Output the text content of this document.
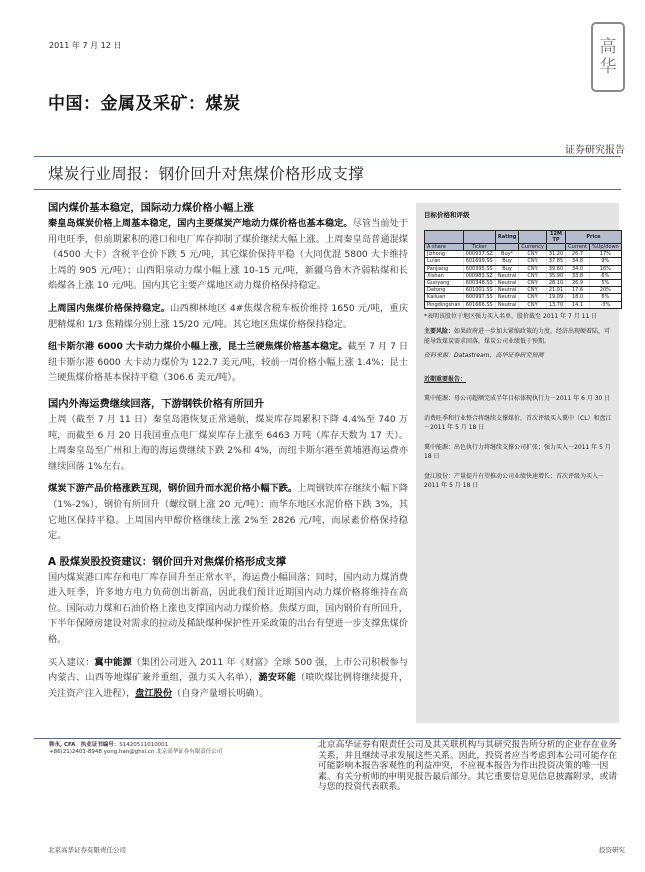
2011 年 7 月 12 日	高
华
中国：金属及采矿：煤炭
证券研究报告
煤炭行业周报：钢价回升对焦煤价格形成支撑
国内煤价基本稳定，国际动力煤价格小幅上涨

秦皇岛煤炭价格上周基本稳定，国内主要煤炭产地动力煤价格也基本稳定。尽管当前处于用电旺季，但前期累积的港口和电厂库存抑制了煤价继续大幅上涨。上周秦皇岛普通混煤（4500 大卡）含税平仓价下跌 5 元/吨，其它煤价保持平稳（大同优混 5800 大卡维持上周的 905 元/吨）；山西阳泉动力煤小幅上涨 10-15 元/吨，新疆乌鲁木齐弱粘煤和长焰煤各上涨 10 元/吨。国内其它主要产煤地区动力煤价格保持稳定。

上周国内焦煤价格保持稳定。山西柳林地区 4#焦煤含税车板价维持 1650 元/吨，重庆肥精煤和 1/3 焦精煤分别上涨 15/20 元/吨。其它地区焦煤价格保持稳定。

纽卡斯尔港 6000 大卡动力煤价小幅上涨，昆士兰硬焦煤价格基本稳定。截至 7 月 7 日纽卡斯尔港 6000 大卡动力煤价为 122.7 美元/吨，较前一周价格小幅上涨 1.4%；昆士兰硬焦煤价格基本保持平稳（306.6 美元/吨）。

国内外海运费继续回落，下游钢铁价格有所回升

上周（截至 7 月 11 日）秦皇岛港恢复正常通航，煤炭库存周累积下降 4.4%至 740 万吨，而截至 6 月 20 日我国重点电厂煤炭库存上涨至 6463 万吨（库存天数为 17 天）。上周秦皇岛至广州和上海的海运费继续下跌 2%和 4%，而纽卡斯尔港至黄埔港海运费亦继续回落 1%左右。

煤炭下游产品价格涨跌互现，钢价回升而水泥价格小幅下跌。上周钢铁库存继续小幅下降（1%-2%），钢价有所回升（螺纹钢上涨 20 元/吨）；而华东地区水泥价格下跌 3%，其它地区保持平稳。上周国内甲醇价格继续上涨 2%至 2826 元/吨，而尿素价格保持稳定。

A 股煤炭股投资建议：钢价回升对焦煤价格形成支撑

国内煤炭港口库存和电厂库存回升至正常水平，海运费小幅回落；同时，国内动力煤消费进入旺季，许多地方电力负荷创出新高，因此我们预计近期国内动力煤价格将维持在高位。国际动力煤和石油价格上涨也支撑国内动力煤价格。焦煤方面，国内钢价有所回升，下半年保障房建设对需求的拉动及稀缺煤种保护性开采政策的出台有望进一步支撑焦煤价格。

买入建议：冀中能源（集团公司进入 2011 年《财富》全球 500 强，上市公司积极参与内蒙古、山西等地煤矿兼并重组，强力买入名单），潞安环能（喷吹煤比例将继续提升，关注资产注入进程），盘江股份（自身产量增长明确）。

目标价格和评级
		Rating		12M TP	Price	
A share	Ticker		Currency		Current	%Up/down
Jizhong	000937.SZ	Buy*	CNY	31.20	26.7	17%
Lu'an	601699.SS	Buy	CNY	37.85	34.8	9%
Panjiang	600395.SS	Buy	CNY	39.60	34.0	16%
Xishan	000983.SZ	Neutral	CNY	35.90	33.8	6%
Guoyang	600348.SS	Neutral	CNY	28.10	26.9	5%
Datong	601001.SS	Neutral	CNY	21.01	17.6	20%
Kailuan	600997.SS	Neutral	CNY	19.09	18.0	6%
Pingdingshan	601666.SS	Neutral	CNY	13.70	14.1	-3%
*表明该股位于地区强力买入名单，股价截至 2011 年 7 月 11 日
主要风险：如果政府进一步加大紧缩政策的力度，经济出现硬着陆，可能导致煤炭需求回落，煤炭公司业绩低于预期。
资料来源：Datastream，高华证券研究预测
近期重要报告：
冀中能源：母公司超额完成半年目标体现执行力－2011 年 6 月 30 日
消费旺季和行业整合将继续支撑煤价，首次评级买入冀中（CL）和盘江－2011 年 5 月 18 日
冀中能源：出色执行力将继续支撑公司扩张；强力买入－2011 年 5 月 18 日
盘江股份：产量提升有望推动公司业绩快速增长；首次评级为买入－2011 年 5 月 18 日
韩永, CFA 执业证书编号：S1420511010001
+86(21)2401-8948 yong.han@ghsl.cn 北京高华证券有限责任公司
北京高华证券有限责任公司及其关联机构与其研究报告所分析的企业存在业务关系，并且继续寻求发展这些关系。因此，投资者应当考虑到本公司可能存在可能影响本报告客观性的利益冲突，不应视本报告为作出投资决策的唯一因素。有关分析师的申明见报告最后部分。其它重要信息见信息披露附录，或请与您的投资代表联系。
北京高华证券有限责任公司	投资研究
